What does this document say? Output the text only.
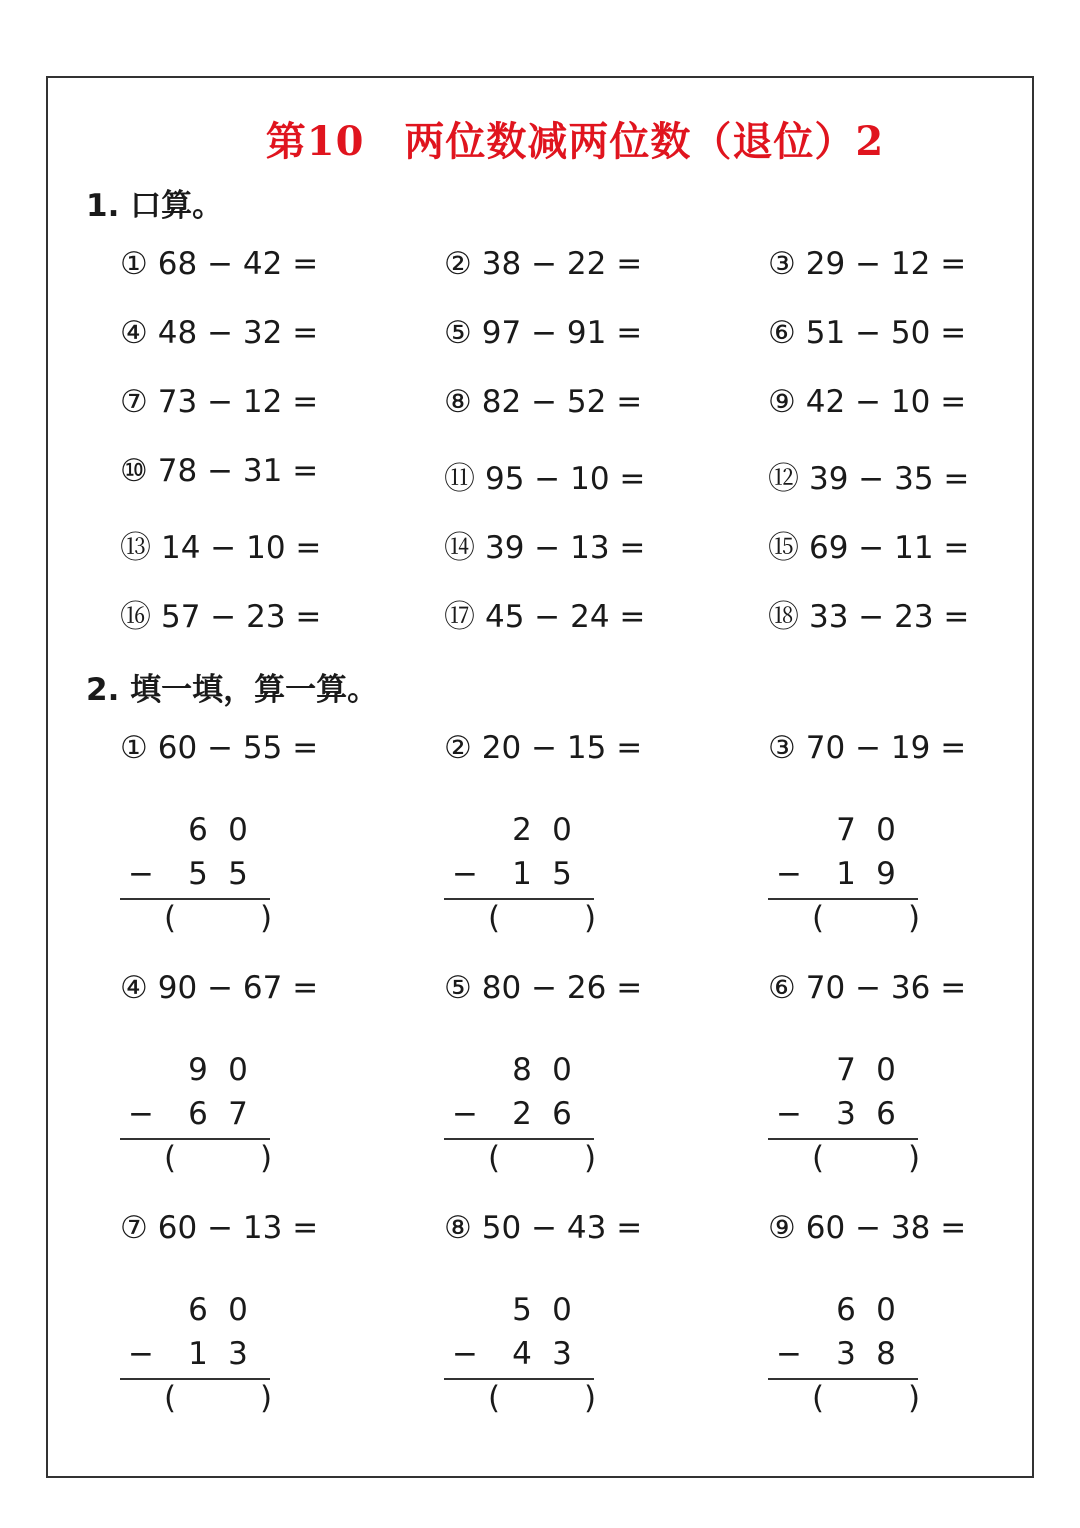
第10 两位数减两位数（退位）2
1. 口算。
① 68 − 42 =	② 38 − 22 =	③ 29 − 12 =
④ 48 − 32 =	⑤ 97 − 91 =	⑥ 51 − 50 =
⑦ 73 − 12 =	⑧ 82 − 52 =	⑨ 42 − 10 =
⑩ 78 − 31 =	⑪ 95 − 10 =	⑫ 39 − 35 =
⑬ 14 − 10 =	⑭ 39 − 13 =	⑮ 69 − 11 =
⑯ 57 − 23 =	⑰ 45 − 24 =	⑱ 33 − 23 =
2. 填一填，算一算。
① 60 − 55 =
6 0
5 5
−
(	)
② 20 − 15 =
2 0
1 5
−
(	)
③ 70 − 19 =
7 0
1 9
−
(	)
④ 90 − 67 =
9 0
6 7
−
(	)
⑤ 80 − 26 =
8 0
2 6
−
(	)
⑥ 70 − 36 =
7 0
3 6
−
(	)
⑦ 60 − 13 =
6 0
1 3
−
(	)
⑧ 50 − 43 =
5 0
4 3
−
(	)
⑨ 60 − 38 =
6 0
3 8
−
(	)
